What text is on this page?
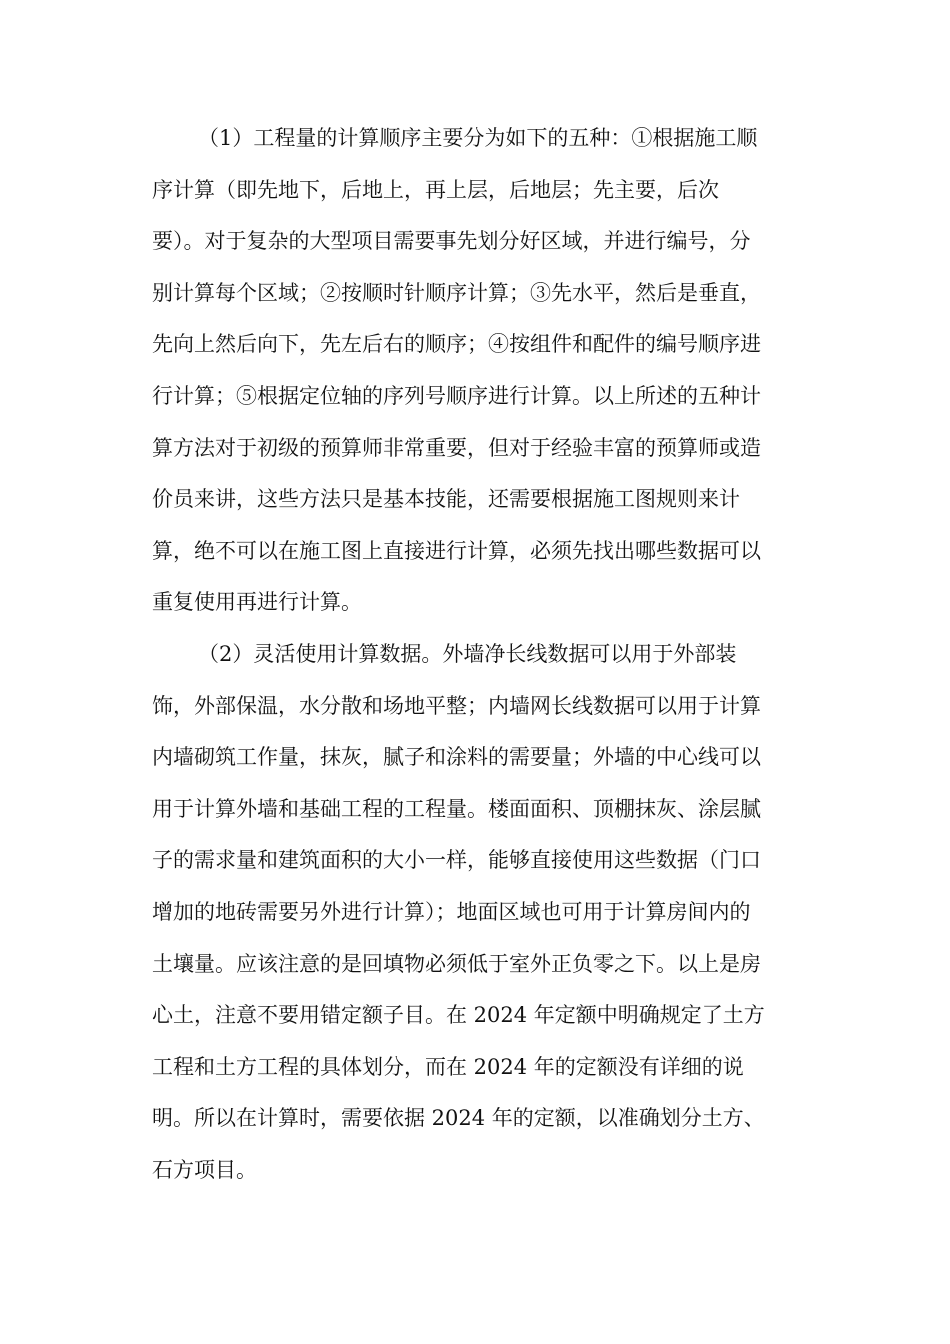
（1）工程量的计算顺序主要分为如下的五种：①根据施工顺
序计算（即先地下，后地上，再上层，后地层；先主要，后次
要）。对于复杂的大型项目需要事先划分好区域，并进行编号，分
别计算每个区域；②按顺时针顺序计算；③先水平，然后是垂直，
先向上然后向下，先左后右的顺序；④按组件和配件的编号顺序进
行计算；⑤根据定位轴的序列号顺序进行计算。以上所述的五种计
算方法对于初级的预算师非常重要，但对于经验丰富的预算师或造
价员来讲，这些方法只是基本技能，还需要根据施工图规则来计
算，绝不可以在施工图上直接进行计算，必须先找出哪些数据可以
重复使用再进行计算。
（2）灵活使用计算数据。外墙净长线数据可以用于外部装
饰，外部保温，水分散和场地平整；内墙网长线数据可以用于计算
内墙砌筑工作量，抹灰，腻子和涂料的需要量；外墙的中心线可以
用于计算外墙和基础工程的工程量。楼面面积、顶棚抹灰、涂层腻
子的需求量和建筑面积的大小一样，能够直接使用这些数据（门口
增加的地砖需要另外进行计算）；地面区域也可用于计算房间内的
土壤量。应该注意的是回填物必须低于室外正负零之下。以上是房
心土，注意不要用错定额子目。在 2024 年定额中明确规定了土方
工程和土方工程的具体划分，而在 2024 年的定额没有详细的说
明。所以在计算时，需要依据 2024 年的定额，以准确划分土方、
石方项目。
